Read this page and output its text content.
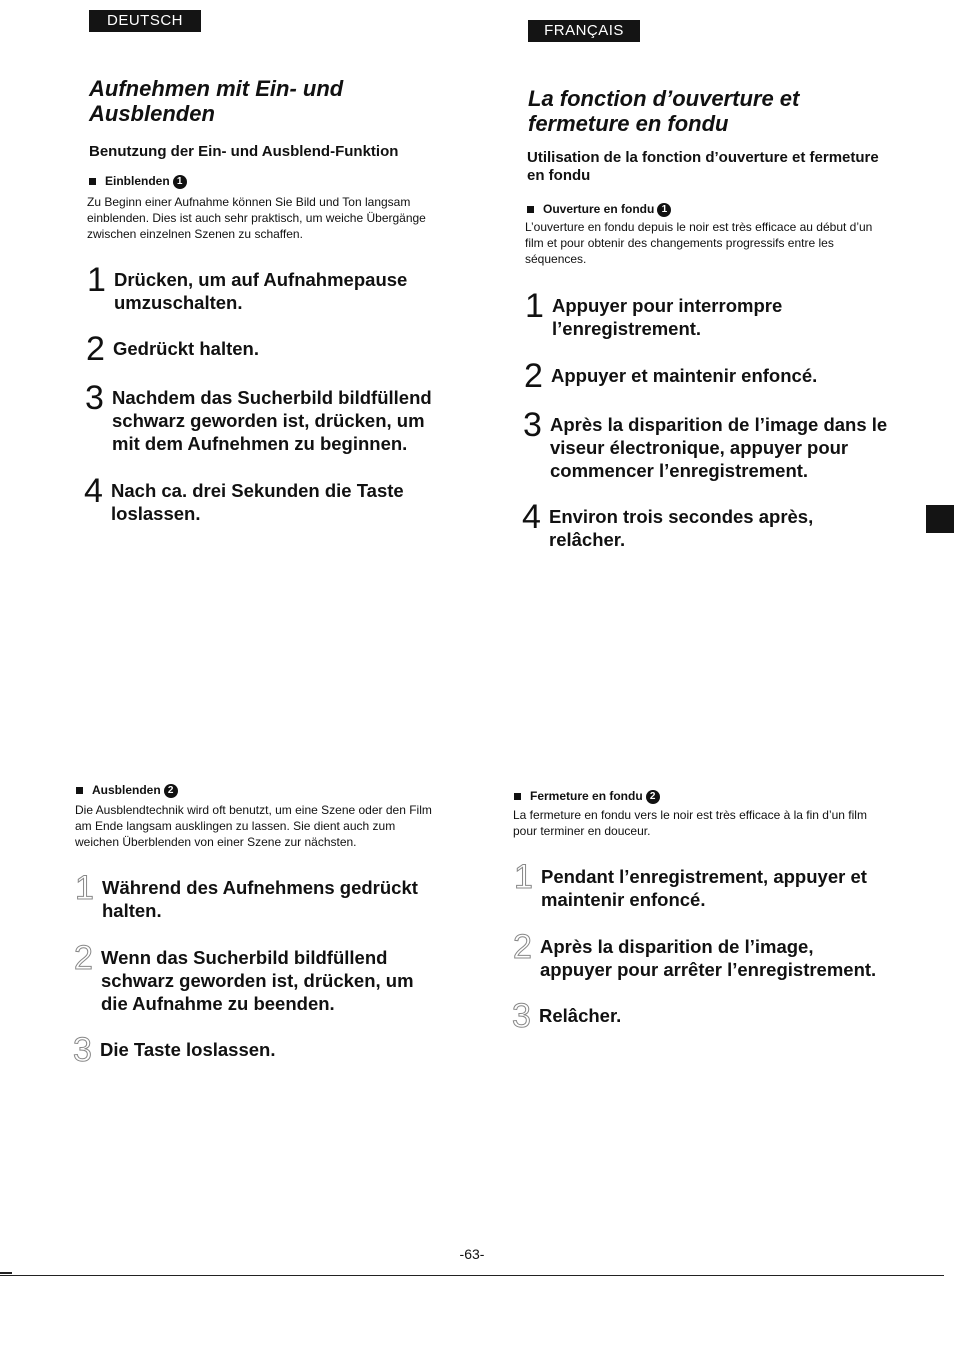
DEUTSCH
Aufnehmen mit Ein- und
Ausblenden
Benutzung der Ein- und Ausblend-Funktion
Einblenden 1
Zu Beginn einer Aufnahme können Sie Bild und Ton langsam
einblenden. Dies ist auch sehr praktisch, um weiche Übergänge
zwischen einzelnen Szenen zu schaffen.
1 Drücken, um auf Aufnahmepause
umzuschalten.
2 Gedrückt halten.
3 Nachdem das Sucherbild bildfüllend
schwarz geworden ist, drücken, um
mit dem Aufnehmen zu beginnen.
4 Nach ca. drei Sekunden die Taste
loslassen.
Ausblenden 2
Die Ausblendtechnik wird oft benutzt, um eine Szene oder den Film
am Ende langsam ausklingen zu lassen. Sie dient auch zum
weichen Überblenden von einer Szene zur nächsten.
1 Während des Aufnehmens gedrückt
halten.
2 Wenn das Sucherbild bildfüllend
schwarz geworden ist, drücken, um
die Aufnahme zu beenden.
3 Die Taste loslassen.
FRANÇAIS
La fonction d’ouverture et
fermeture en fondu
Utilisation de la fonction d’ouverture et fermeture
en fondu
Ouverture en fondu 1
L’ouverture en fondu depuis le noir est très efficace au début d’un
film et pour obtenir des changements progressifs entre les
séquences.
1 Appuyer pour interrompre
l’enregistrement.
2 Appuyer et maintenir enfoncé.
3 Après la disparition de l’image dans le
viseur électronique, appuyer pour
commencer l’enregistrement.
4 Environ trois secondes après,
relâcher.
Fermeture en fondu 2
La fermeture en fondu vers le noir est très efficace à la fin d’un film
pour terminer en douceur.
1 Pendant l’enregistrement, appuyer et
maintenir enfoncé.
2 Après la disparition de l’image,
appuyer pour arrêter l’enregistrement.
3 Relâcher.
-63-
